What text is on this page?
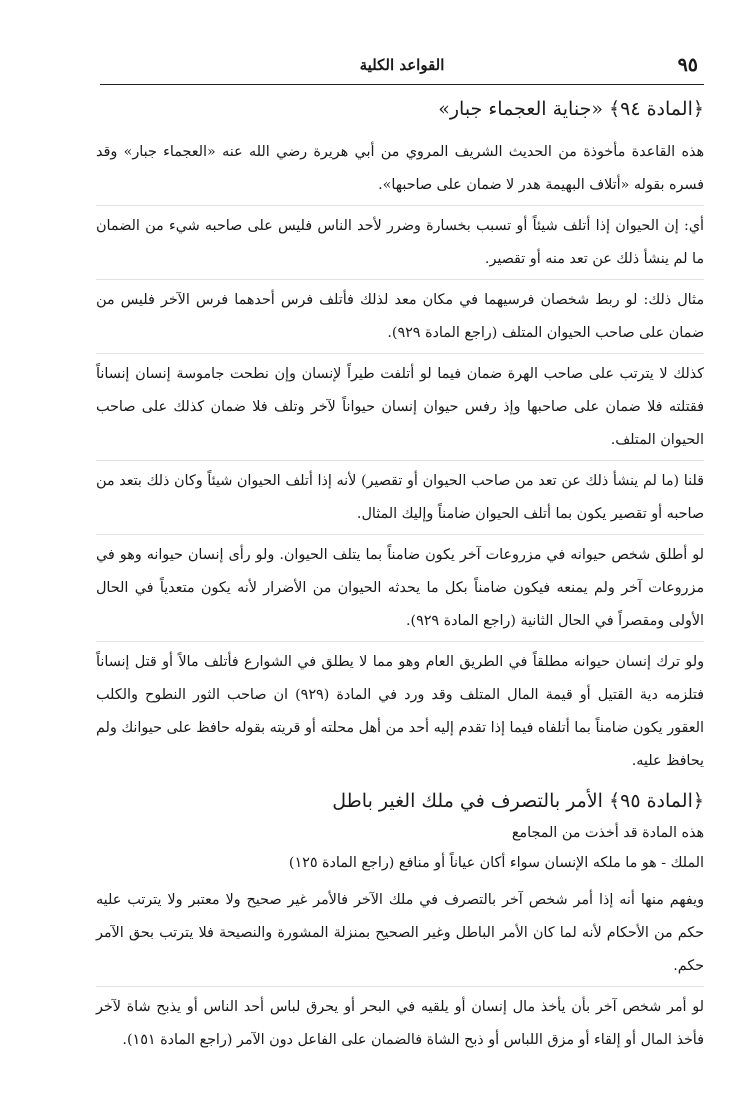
٩٥
القواعد الكلية
﴿المادة ٩٤﴾ «جناية العجماء جبار»

هذه القاعدة مأخوذة من الحديث الشريف المروي من أبي هريرة رضي الله عنه «العجماء جبار» وقد فسره بقوله «أتلاف البهيمة هدر لا ضمان على صاحبها».

أي: إن الحيوان إذا أتلف شيئاً أو تسبب بخسارة وضرر لأحد الناس فليس على صاحبه شيء من الضمان ما لم ينشأ ذلك عن تعد منه أو تقصير.

مثال ذلك: لو ربط شخصان فرسيهما في مكان معد لذلك فأتلف فرس أحدهما فرس الآخر فليس من ضمان على صاحب الحيوان المتلف (راجع المادة ٩٢٩).

كذلك لا يترتب على صاحب الهرة ضمان فيما لو أتلفت طيراً لإنسان وإن نطحت جاموسة إنسان إنساناً فقتلته فلا ضمان على صاحبها وإذ رفس حيوان إنسان حيواناً لآخر وتلف فلا ضمان كذلك على صاحب الحيوان المتلف.

قلنا (ما لم ينشأ ذلك عن تعد من صاحب الحيوان أو تقصير) لأنه إذا أتلف الحيوان شيئاً وكان ذلك بتعد من صاحبه أو تقصير يكون بما أتلف الحيوان ضامناً وإليك المثال.

لو أطلق شخص حيوانه في مزروعات آخر يكون ضامناً بما يتلف الحيوان. ولو رأى إنسان حيوانه وهو في مزروعات آخر ولم يمنعه فيكون ضامناً بكل ما يحدثه الحيوان من الأضرار لأنه يكون متعدياً في الحال الأولى ومقصراً في الحال الثانية (راجع المادة ٩٢٩).

ولو ترك إنسان حيوانه مطلقاً في الطريق العام وهو مما لا يطلق في الشوارع فأتلف مالاً أو قتل إنساناً فتلزمه دية القتيل أو قيمة المال المتلف وقد ورد في المادة (٩٢٩) ان صاحب الثور النطوح والكلب العقور يكون ضامناً بما أتلفاه فيما إذا تقدم إليه أحد من أهل محلته أو قريته بقوله حافظ على حيوانك ولم يحافظ عليه.

﴿المادة ٩٥﴾ الأمر بالتصرف في ملك الغير باطل
هذه المادة قد أخذت من المجامع
الملك - هو ما ملكه الإنسان سواء أكان عياناً أو منافع (راجع المادة ١٢٥)

ويفهم منها أنه إذا أمر شخص آخر بالتصرف في ملك الآخر فالأمر غير صحيح ولا معتبر ولا يترتب عليه حكم من الأحكام لأنه لما كان الأمر الباطل وغير الصحيح بمنزلة المشورة والنصيحة فلا يترتب بحق الآمر حكم.

لو أمر شخص آخر بأن يأخذ مال إنسان أو يلقيه في البحر أو يحرق لباس أحد الناس أو يذبح شاة لآخر فأخذ المال أو إلقاء أو مزق اللباس أو ذبح الشاة فالضمان على الفاعل دون الآمر (راجع المادة ١٥١).
